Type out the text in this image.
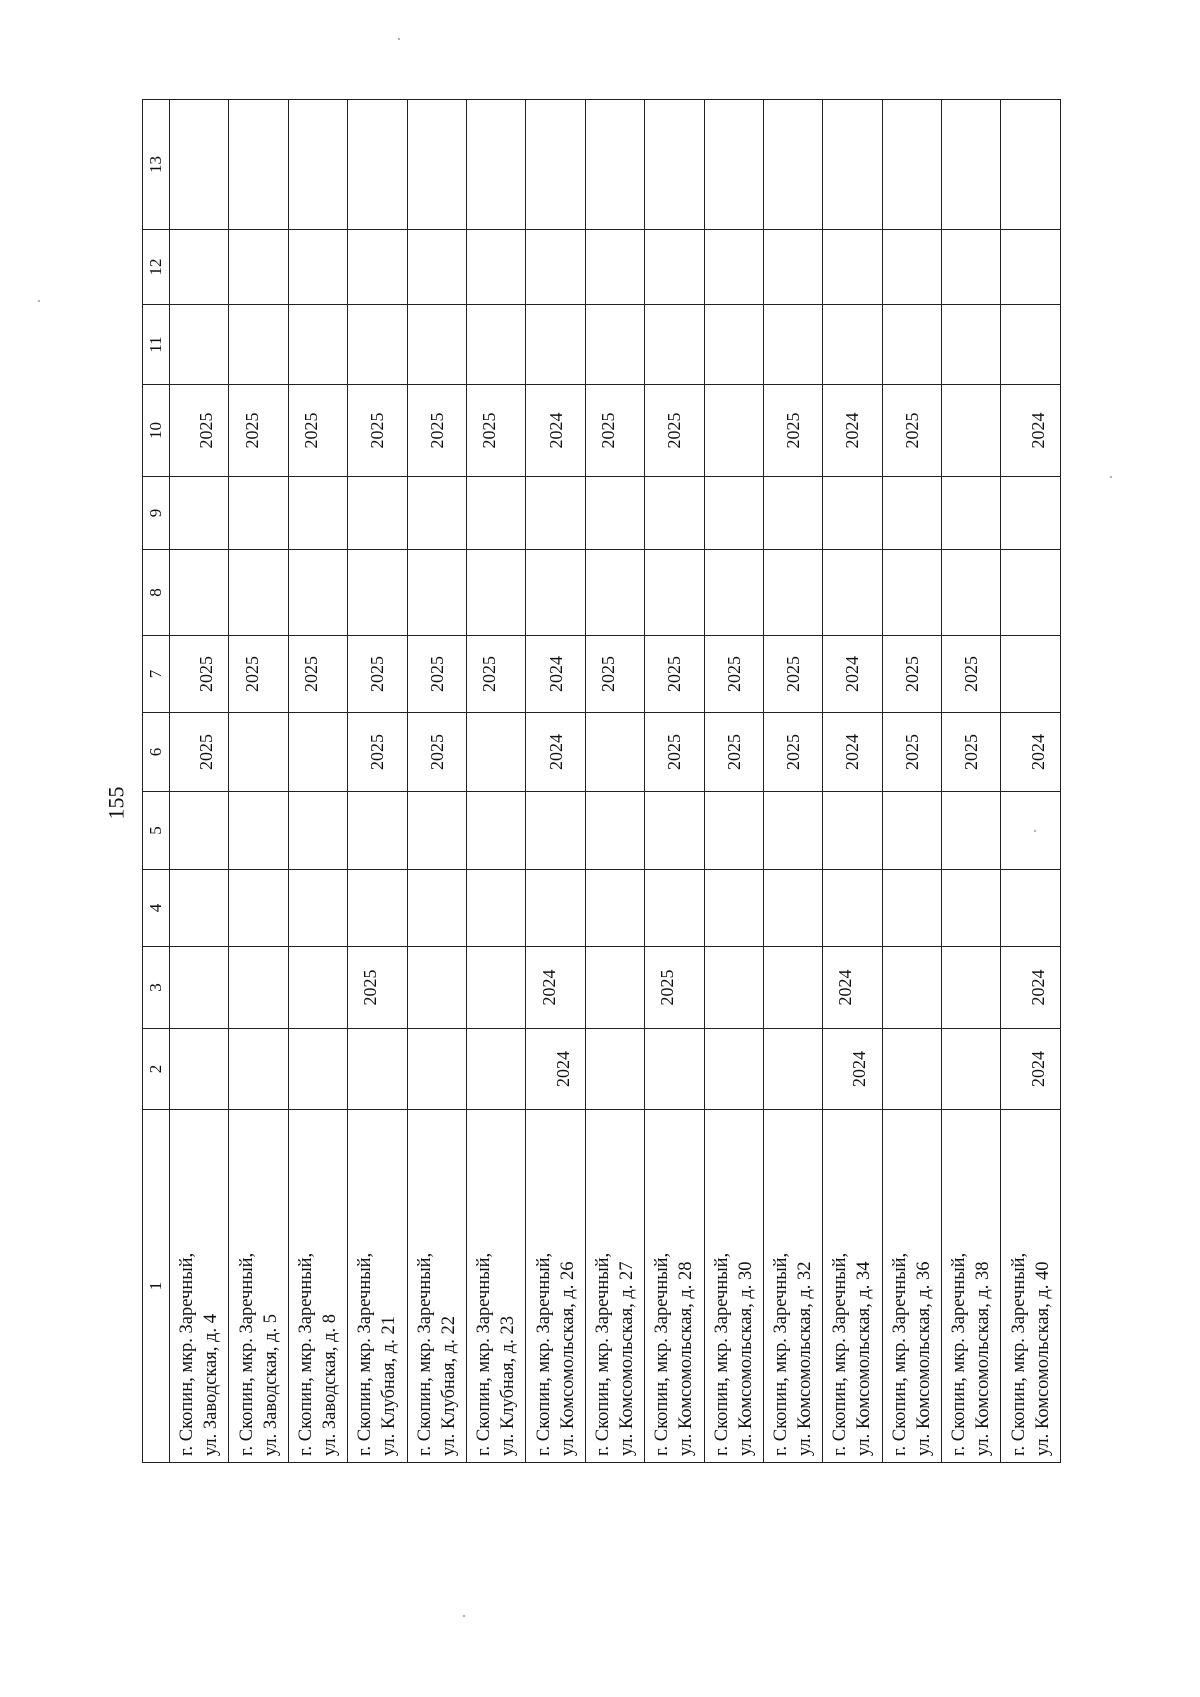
155
1	2	3	4	5	6	7	8	9	10	11	12	13

г. Скопин, мкр. Заречный, ул. Заводская, д. 4					2025	2025			2025			

г. Скопин, мкр. Заречный, ул. Заводская, д. 5						2025			2025			

г. Скопин, мкр. Заречный, ул. Заводская, д. 8						2025			2025			

г. Скопин, мкр. Заречный, ул. Клубная, д. 21		2025			2025	2025			2025			

г. Скопин, мкр. Заречный, ул. Клубная, д. 22					2025	2025			2025			

г. Скопин, мкр. Заречный, ул. Клубная, д. 23						2025			2025			

г. Скопин, мкр. Заречный, ул. Комсомольская, д. 26	2024	2024			2024	2024			2024			

г. Скопин, мкр. Заречный, ул. Комсомольская, д. 27						2025			2025			

г. Скопин, мкр. Заречный, ул. Комсомольская, д. 28		2025			2025	2025			2025			

г. Скопин, мкр. Заречный, ул. Комсомольская, д. 30					2025	2025						

г. Скопин, мкр. Заречный, ул. Комсомольская, д. 32					2025	2025			2025			

г. Скопин, мкр. Заречный, ул. Комсомольская, д. 34	2024	2024			2024	2024			2024			

г. Скопин, мкр. Заречный, ул. Комсомольская, д. 36					2025	2025			2025			

г. Скопин, мкр. Заречный, ул. Комсомольская, д. 38					2025	2025						

г. Скопин, мкр. Заречный, ул. Комсомольская, д. 40	2024	2024			2024				2024			
